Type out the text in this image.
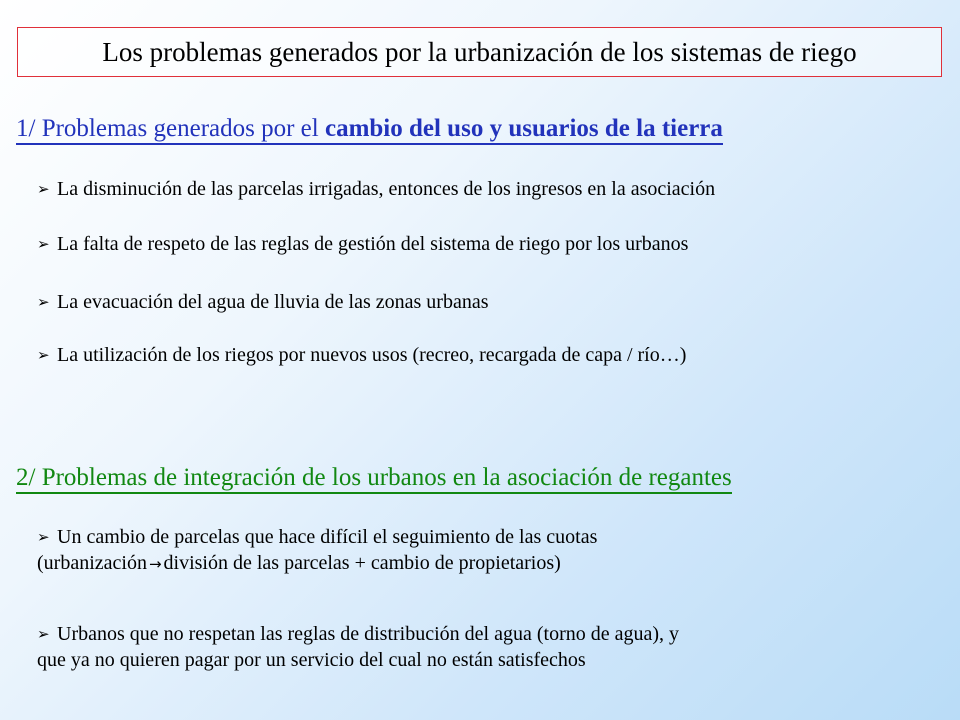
Los problemas generados por la urbanización de los sistemas de riego
1/ Problemas generados por el cambio del uso y usuarios de la tierra
➢ La disminución de las parcelas irrigadas, entonces de los ingresos en la asociación
➢ La falta de respeto de las reglas de gestión del sistema de riego por los urbanos
➢ La evacuación del agua de lluvia de las zonas urbanas
➢ La utilización de los riegos por nuevos usos (recreo, recargada de capa / río…)
2/ Problemas de integración de los urbanos en la asociación de regantes
➢ Un cambio de parcelas que hace difícil el seguimiento de las cuotas
(urbanización → división de las parcelas + cambio de propietarios)
➢ Urbanos que no respetan las reglas de distribución del agua (torno de agua), y
que ya no quieren pagar por un servicio del cual no están satisfechos
